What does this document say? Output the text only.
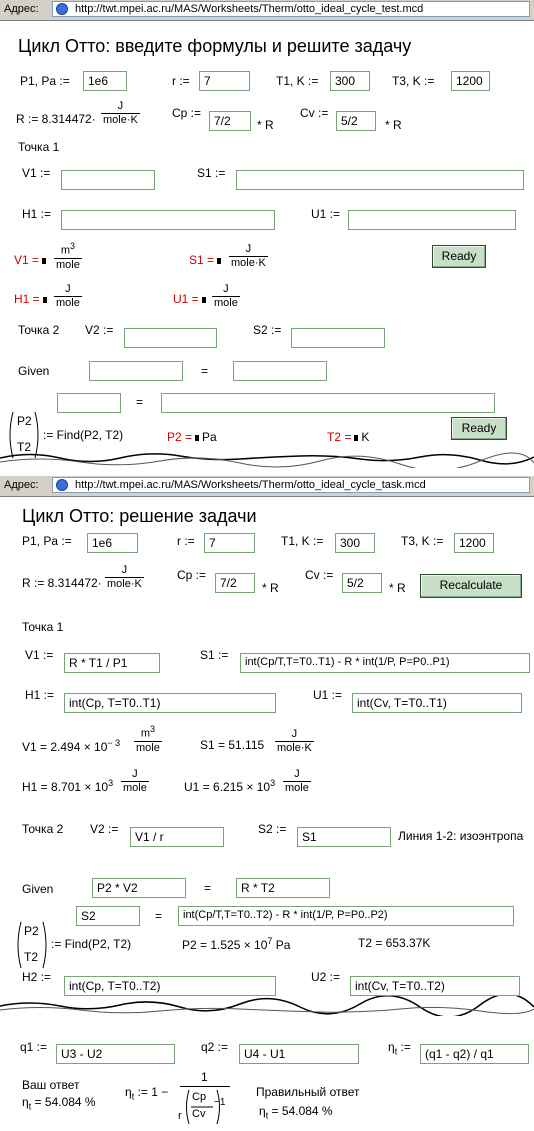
Адрес:	http://twt.mpei.ac.ru/MAS/Worksheets/Therm/otto_ideal_cycle_test.mcd
Цикл Отто: введите формулы и решите задачу
P1, Pa :=	1e6	r :=	7	T1, K :=	300	T3, K :=	1200
R := 8.314472·
J
mole·K	Cp :=
7/2	* R
Cv :=
5/2	* R
Точка 1
V1 :=	S1 :=
H1 :=	U1 :=
V1 =
$m^3$
mole	S1 =
J
mole·K	Ready
H1 =
J
mole	U1 =
J
mole
Точка 2 V2 :=	S2 :=
Given	=
=
P2
T2
:= Find(P2, T2)	P2 = Pa	T2 = K
Ready
Адрес:	http://twt.mpei.ac.ru/MAS/Worksheets/Therm/otto_ideal_cycle_task.mcd
Цикл Отто: решение задачи
P1, Pa :=	1e6	r :=	7	T1, K :=	300	T3, K :=	1200
R := 8.314472·
J
mole·K
Cp :=
7/2	* R
Cv :=
5/2	* R	Recalculate
Точка 1
V1 :=
R * T1 / P1
S1 :=	int(Cp/T,T=T0..T1) - R * int(1/P, P=P0..P1)
H1 :=
int(Cp, T=T0..T1)
U1 :=
int(Cv, T=T0..T1)
$V1 = 2.494 \times 10^{- 3}$
$m^3$
mole	S1 = 51.115
J
mole·K
$H1 = 8.701 \times 10^3$
J
mole	$U1 = 6.215 \times 10^3$
J
mole
Точка 2 V2 :=
V1 / r
S2 :=
S1	Линия 1-2: изоэнтропа
Given	P2 * V2	=	R * T2
S2	=	int(Cp/T,T=T0..T2) - R * int(1/P, P=P0..P2)
P2
T2
:= Find(P2, T2)	$P2 = 1.525 \times 10^7$ Pa	T2 = 653.37K
H2 :=
int(Cp, T=T0..T2)
U2 :=
int(Cv, T=T0..T2)
q1 :=	U3 - U2	q2 :=	U4 - U1	$\eta_t$ :=	(q1 - q2) / q1
Ваш ответ
$\eta_t = 54.084$ %
$\eta_t$ := 1 −
1
r
Cp
Cv
−1
Правильный ответ
$\eta_t = 54.084$ %
